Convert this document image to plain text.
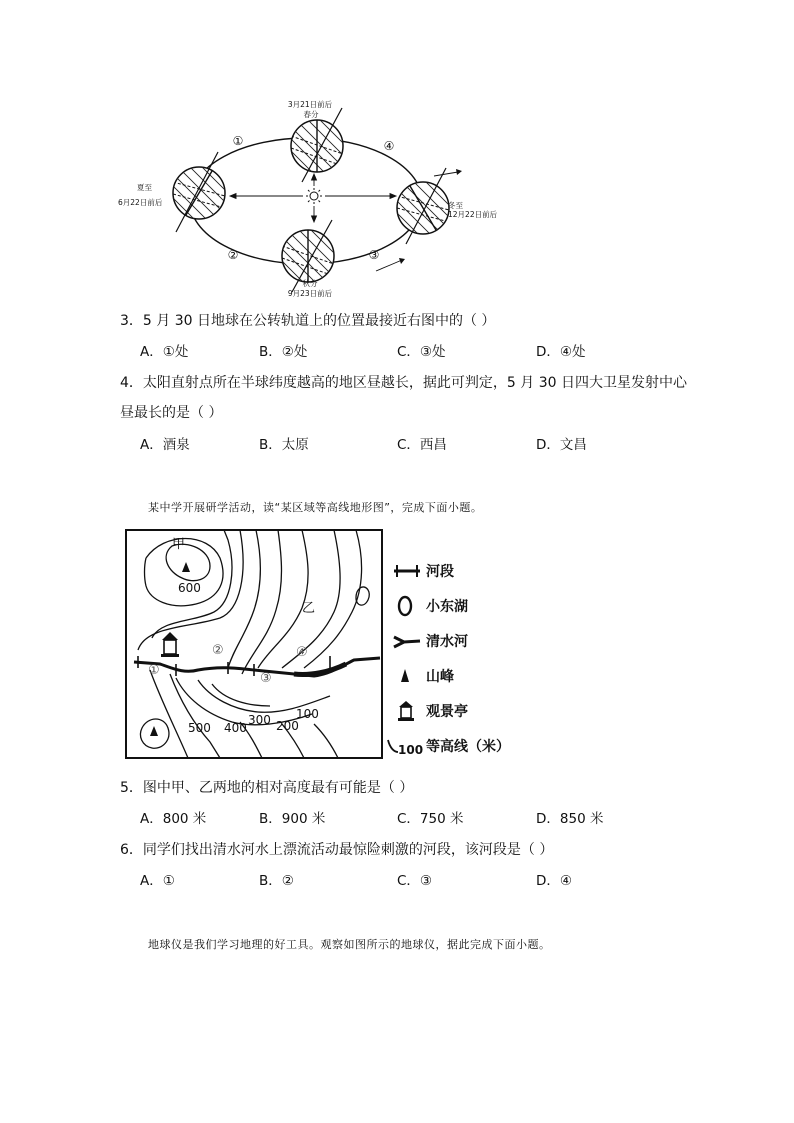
3月21日前后
春分
冬至
12月22日前后
秋分
9月23日前后
夏至
6月22日前后
①
②	③
④
3．5 月 30 日地球在公转轨道上的位置最接近右图中的（ ）
A．①处	B．②处	C．③处	D．④处
4．太阳直射点所在半球纬度越高的地区昼越长，据此可判定，5 月 30 日四大卫星发射中心
昼最长的是（ ）
A．酒泉	B．太原	C．西昌	D．文昌
某中学开展研学活动，读“某区域等高线地形图”，完成下面小题。
甲
乙
600
500 400
300 200
100
①
②
③
④
河段
小东湖
清水河
山峰
观景亭
100 等高线（米）
5．图中甲、乙两地的相对高度最有可能是（ ）
A．800 米	B．900 米	C．750 米	D．850 米
6．同学们找出清水河水上漂流活动最惊险刺激的河段，该河段是（ ）
A．①	B．②	C．③	D．④
地球仪是我们学习地理的好工具。观察如图所示的地球仪，据此完成下面小题。
